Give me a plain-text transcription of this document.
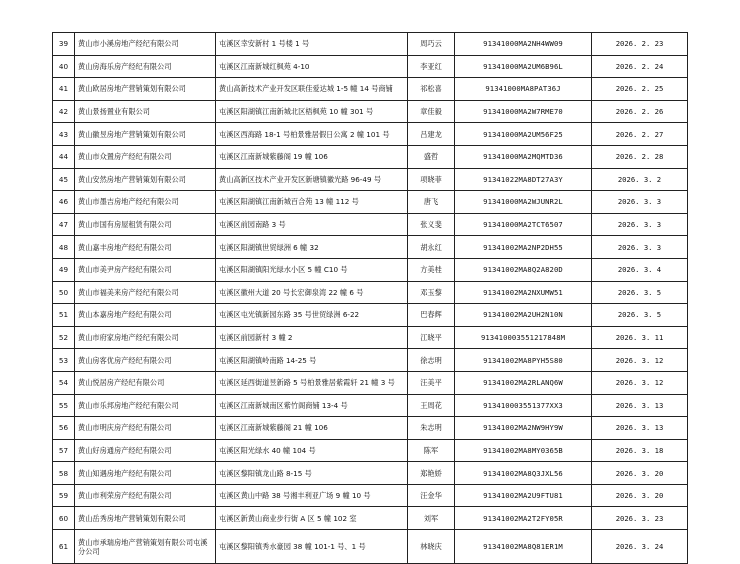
39	黄山市小溪房地产经纪有限公司	屯溪区幸安新村 1 号楼 1 号	周巧云	91341000MA2NH4WW09	2026. 2. 23
40	黄山房海乐房产经纪有限公司	屯溪区江南新城红枫苑 4-10	李亚红	91341000MA2UM6B96L	2026. 2. 24
41	黄山欧居房地产营销策划有限公司	黄山高新技术产业开发区联佳爱达城 1-5 幢 14 号商铺	祁松喜	91341000MA8PAT36J	2026. 2. 25
42	黄山景扬置业有限公司	屯溪区阳湖镇江南新城北区梧枫苑 10 幢 301 号	章佳毅	91341000MA2W7RME70	2026. 2. 26
43	黄山徽昱房地产营销策划有限公司	屯溪区西海路 18-1 号柏景雅居假日公寓 2 幢 101 号	吕建龙	91341000MA2UM56F25	2026. 2. 27
44	黄山市众置房产经纪有限公司	屯溪区江南新城紫藤阁 19 幢 106	盛哲	91341000MA2MQMTD36	2026. 2. 28
45	黄山安然房地产营销策划有限公司	黄山高新区技术产业开发区新塘镇徽光路 96-49 号	项晓菲	91341022MA8DT27A3Y	2026. 3. 2
46	黄山市墨吉房地产经纪有限公司	屯溪区阳湖镇江南新城百合苑 13 幢 112 号	唐飞	91341000MA2WJUNR2L	2026. 3. 3
47	黄山市国有房屋租赁有限公司	屯溪区前园南路 3 号	张义斐	91341000MA2TCT6507	2026. 3. 3
48	黄山嘉丰房地产经纪有限公司	屯溪区阳湖镇世贸绿洲 6 幢 32	胡永红	91341002MA2NP2DH55	2026. 3. 3
49	黄山市美尹房产经纪有限公司	屯溪区阳湖镇阳光绿水小区 5 幢 C10 号	方美桂	91341002MA8Q2A820D	2026. 3. 4
50	黄山市福美来房产经纪有限公司	屯溪区徽州大道 20 号长宏御泉湾 22 幢 6 号	邓玉黎	91341002MA2NXUMW51	2026. 3. 5
51	黄山本嘉房地产经纪有限公司	屯溪区屯光镇新园东路 35 号世贸绿洲 6-22	巴春辉	91341002MA2UH2N10N	2026. 3. 5
52	黄山市府家房地产经纪有限公司	屯溪区前园新村 3 幢 2	江晓平	913410003551217848M	2026. 3. 11
53	黄山房客优房产经纪有限公司	屯溪区阳湖镇岭南路 14-25 号	徐志明	91341002MA8PYH5S80	2026. 3. 12
54	黄山悦居房产经纪有限公司	屯溪区延西街道昱新路 5 号柏景雅居紫霞轩 21 幢 3 号	汪美平	91341002MA2RLANQ6W	2026. 3. 12
55	黄山市乐邦房地产经纪有限公司	屯溪区江南新城南区紫竹阁商铺 13-4 号	王周花	913410003551377XX3	2026. 3. 13
56	黄山市明庆房产经纪有限公司	屯溪区江南新城紫藤阁 21 幢 106	朱志明	91341002MA2NW9HY9W	2026. 3. 13
57	黄山好房通房产经纪有限公司	屯溪区阳光绿水 40 幢 104 号	陈军	91341002MA8MY0365B	2026. 3. 18
58	黄山知遇房地产经纪有限公司	屯溪区黎阳镇龙山路 8-15 号	郑艳娇	91341002MA8Q3JXL56	2026. 3. 20
59	黄山市利荣房产经纪有限公司	屯溪区黄山中路 38 号湘丰利亚广场 9 幢 10 号	汪金华	91341002MA2U9FTU81	2026. 3. 20
60	黄山岳秀房地产营销策划有限公司	屯溪区新黄山商业步行街 A 区 5 幢 102 室	刘军	91341002MA2T2FY05R	2026. 3. 23
61	黄山市承瑞房地产营销策划有限公司屯溪分公司	屯溪区黎阳镇秀水豪园 38 幢 101-1 号、1 号	林晓庆	91341002MA8Q81ER1M	2026. 3. 24
